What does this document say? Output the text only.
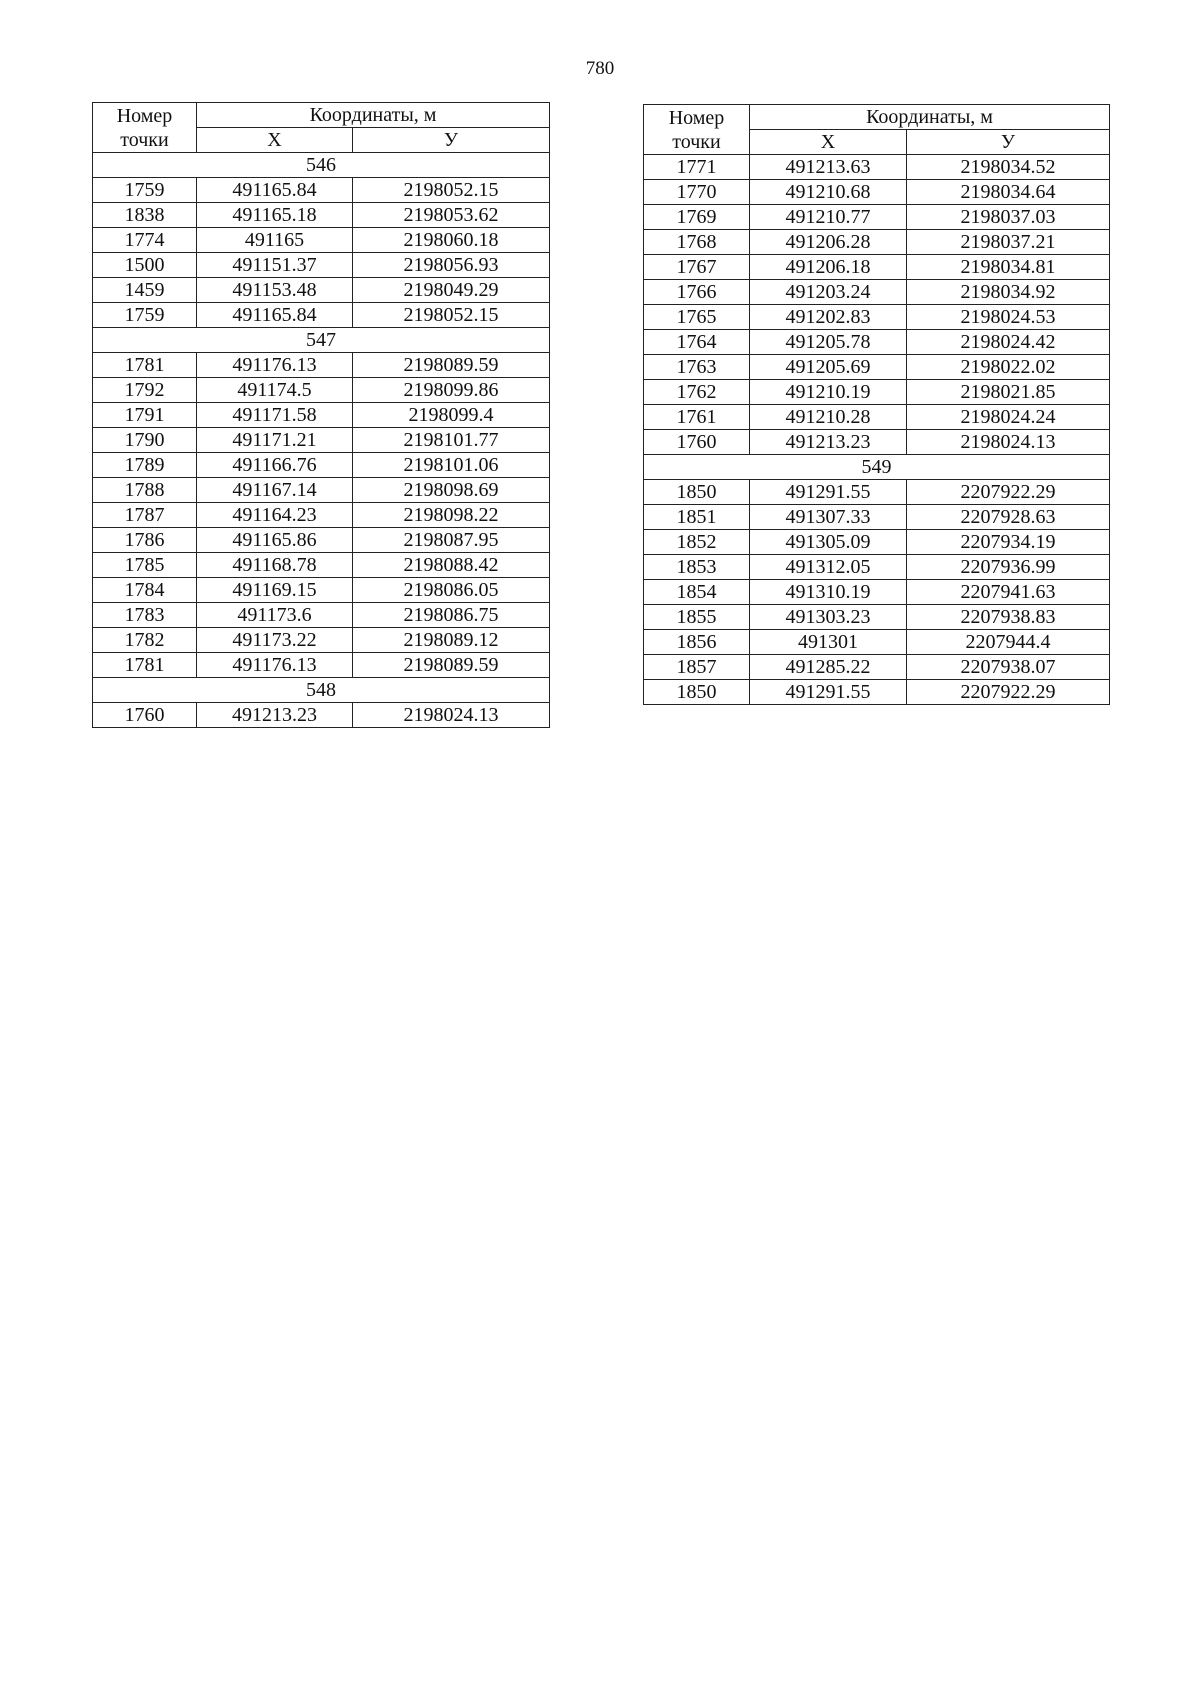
780
Номер
точки	Координаты, м	
	X	У
546		
1759	491165.84	2198052.15
1838	491165.18	2198053.62
1774	491165	2198060.18
1500	491151.37	2198056.93
1459	491153.48	2198049.29
1759	491165.84	2198052.15
547		
1781	491176.13	2198089.59
1792	491174.5	2198099.86
1791	491171.58	2198099.4
1790	491171.21	2198101.77
1789	491166.76	2198101.06
1788	491167.14	2198098.69
1787	491164.23	2198098.22
1786	491165.86	2198087.95
1785	491168.78	2198088.42
1784	491169.15	2198086.05
1783	491173.6	2198086.75
1782	491173.22	2198089.12
1781	491176.13	2198089.59
548		
1760	491213.23	2198024.13
Номер
точки	Координаты, м	
	X	У
1771	491213.63	2198034.52
1770	491210.68	2198034.64
1769	491210.77	2198037.03
1768	491206.28	2198037.21
1767	491206.18	2198034.81
1766	491203.24	2198034.92
1765	491202.83	2198024.53
1764	491205.78	2198024.42
1763	491205.69	2198022.02
1762	491210.19	2198021.85
1761	491210.28	2198024.24
1760	491213.23	2198024.13
549		
1850	491291.55	2207922.29
1851	491307.33	2207928.63
1852	491305.09	2207934.19
1853	491312.05	2207936.99
1854	491310.19	2207941.63
1855	491303.23	2207938.83
1856	491301	2207944.4
1857	491285.22	2207938.07
1850	491291.55	2207922.29
